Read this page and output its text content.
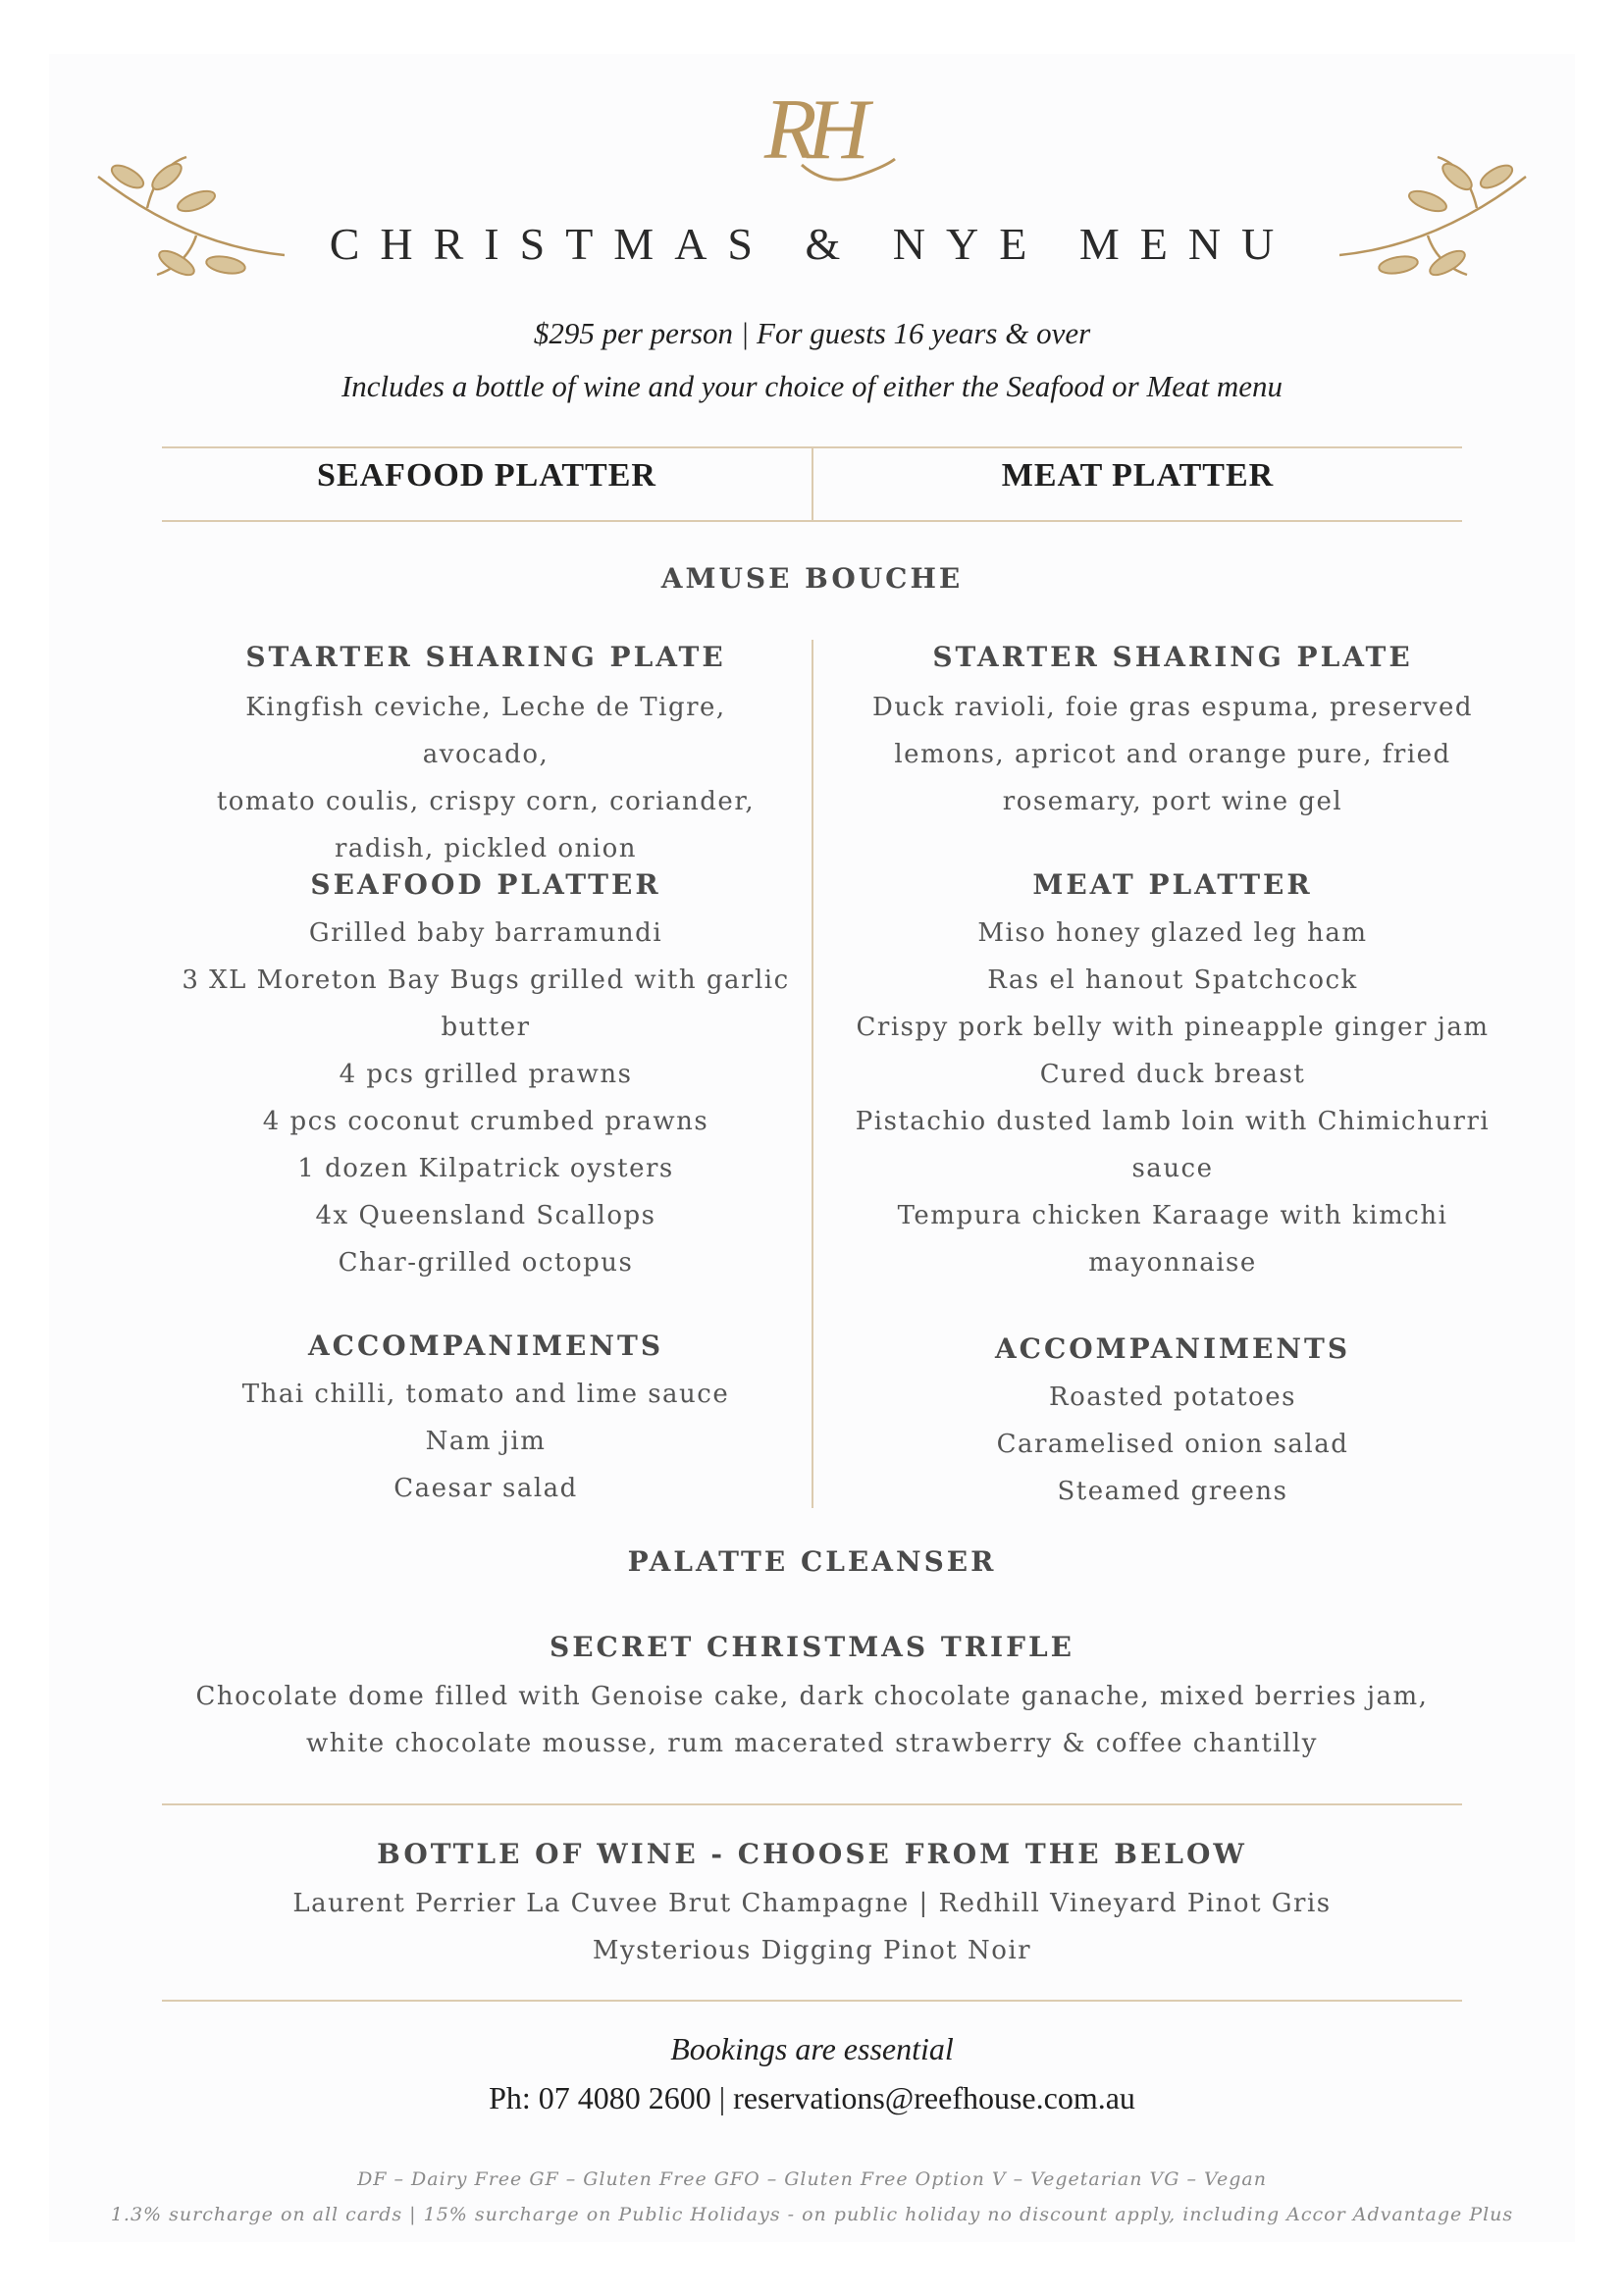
RH
CHRISTMAS & NYE MENU
$295 per person | For guests 16 years & over
Includes a bottle of wine and your choice of either the Seafood or Meat menu
SEAFOOD PLATTER	MEAT PLATTER
AMUSE BOUCHE
STARTER SHARING PLATE
Kingfish ceviche, Leche de Tigre, avocado,
tomato coulis, crispy corn, coriander,
radish, pickled onion
SEAFOOD PLATTER
Grilled baby barramundi
3 XL Moreton Bay Bugs grilled with garlic
butter
4 pcs grilled prawns
4 pcs coconut crumbed prawns
1 dozen Kilpatrick oysters
4x Queensland Scallops
Char-grilled octopus
ACCOMPANIMENTS
Thai chilli, tomato and lime sauce
Nam jim
Caesar salad
STARTER SHARING PLATE
Duck ravioli, foie gras espuma, preserved
lemons, apricot and orange pure, fried
rosemary, port wine gel
MEAT PLATTER
Miso honey glazed leg ham
Ras el hanout Spatchcock
Crispy pork belly with pineapple ginger jam
Cured duck breast
Pistachio dusted lamb loin with Chimichurri
sauce
Tempura chicken Karaage with kimchi
mayonnaise
ACCOMPANIMENTS
Roasted potatoes
Caramelised onion salad
Steamed greens
PALATTE CLEANSER
SECRET CHRISTMAS TRIFLE
Chocolate dome filled with Genoise cake, dark chocolate ganache, mixed berries jam,
white chocolate mousse, rum macerated strawberry & coffee chantilly
BOTTLE OF WINE - CHOOSE FROM THE BELOW
Laurent Perrier La Cuvee Brut Champagne | Redhill Vineyard Pinot Gris
Mysterious Digging Pinot Noir
Bookings are essential
Ph: 07 4080 2600 | reservations@reefhouse.com.au
DF – Dairy Free GF – Gluten Free GFO – Gluten Free Option V – Vegetarian VG – Vegan
1.3% surcharge on all cards | 15% surcharge on Public Holidays - on public holiday no discount apply, including Accor Advantage Plus
